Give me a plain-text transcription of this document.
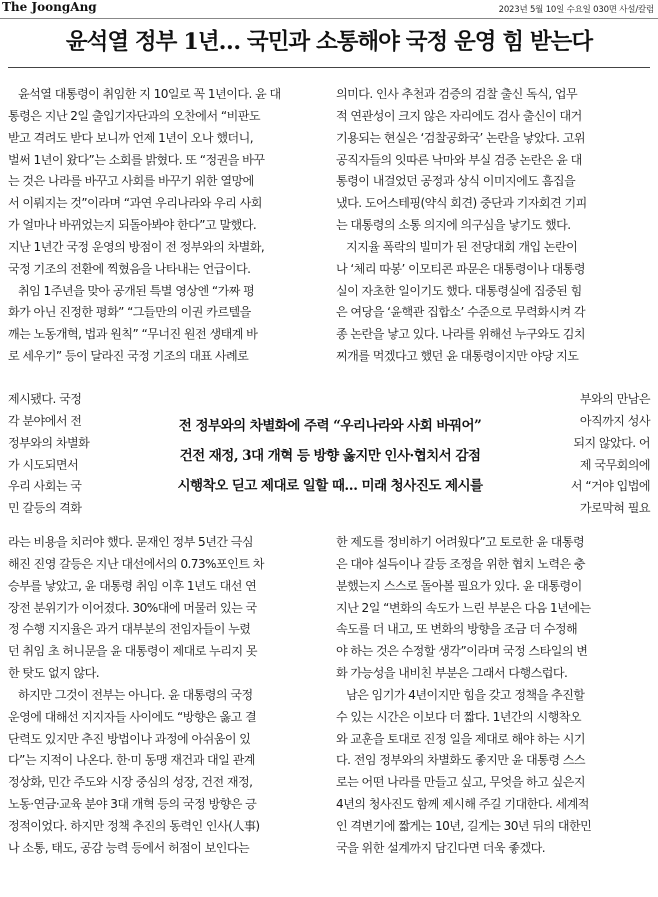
The JoongAng	2023년 5월 10일 수요일 030면 사설/칼럼
윤석열 정부 1년… 국민과 소통해야 국정 운영 힘 받는다
윤석열 대통령이 취임한 지 10일로 꼭 1년이다. 윤 대
통령은 지난 2일 출입기자단과의 오찬에서 “비판도
받고 격려도 받다 보니까 언제 1년이 오나 했더니,
벌써 1년이 왔다”는 소회를 밝혔다. 또 “정권을 바꾸
는 것은 나라를 바꾸고 사회를 바꾸기 위한 열망에
서 이뤄지는 것”이라며 “과연 우리나라와 우리 사회
가 얼마나 바뀌었는지 되돌아봐야 한다”고 말했다.
지난 1년간 국정 운영의 방점이 전 정부와의 차별화,
국정 기조의 전환에 찍혔음을 나타내는 언급이다.
취임 1주년을 맞아 공개된 특별 영상엔 “가짜 평
화가 아닌 진정한 평화” “그들만의 이권 카르텔을
깨는 노동개혁, 법과 원칙” “무너진 원전 생태계 바
로 세우기” 등이 달라진 국정 기조의 대표 사례로
제시됐다. 국정
각 분야에서 전
정부와의 차별화
가 시도되면서
우리 사회는 국
민 갈등의 격화
라는 비용을 치러야 했다. 문재인 정부 5년간 극심
해진 진영 갈등은 지난 대선에서의 0.73%포인트 차
승부를 낳았고, 윤 대통령 취임 이후 1년도 대선 연
장전 분위기가 이어졌다. 30%대에 머물러 있는 국
정 수행 지지율은 과거 대부분의 전임자들이 누렸
던 취임 초 허니문을 윤 대통령이 제대로 누리지 못
한 탓도 없지 않다.
하지만 그것이 전부는 아니다. 윤 대통령의 국정
운영에 대해선 지지자들 사이에도 “방향은 옳고 결
단력도 있지만 추진 방법이나 과정에 아쉬움이 있
다”는 지적이 나온다. 한·미 동맹 재건과 대일 관계
정상화, 민간 주도와 시장 중심의 성장, 건전 재정,
노동·연금·교육 분야 3대 개혁 등의 국정 방향은 긍
정적이었다. 하지만 정책 추진의 동력인 인사(人事)
나 소통, 태도, 공감 능력 등에서 허점이 보인다는
의미다. 인사 추천과 검증의 검찰 출신 독식, 업무
적 연관성이 크지 않은 자리에도 검사 출신이 대거
기용되는 현실은 ‘검찰공화국’ 논란을 낳았다. 고위
공직자들의 잇따른 낙마와 부실 검증 논란은 윤 대
통령이 내걸었던 공정과 상식 이미지에도 흠집을
냈다. 도어스테핑(약식 회견) 중단과 기자회견 기피
는 대통령의 소통 의지에 의구심을 낳기도 했다.
지지율 폭락의 빌미가 된 전당대회 개입 논란이
나 ‘체리 따봉’ 이모티콘 파문은 대통령이나 대통령
실이 자초한 일이기도 했다. 대통령실에 집중된 힘
은 여당을 ‘윤핵관 집합소’ 수준으로 무력화시켜 각
종 논란을 낳고 있다. 나라를 위해선 누구와도 김치
찌개를 먹겠다고 했던 윤 대통령이지만 야당 지도
부와의 만남은
아직까지 성사
되지 않았다. 어
제 국무회의에
서 “거야 입법에
가로막혀 필요
한 제도를 정비하기 어려웠다”고 토로한 윤 대통령
은 대야 설득이나 갈등 조정을 위한 협치 노력은 충
분했는지 스스로 돌아볼 필요가 있다. 윤 대통령이
지난 2일 “변화의 속도가 느린 부분은 다음 1년에는
속도를 더 내고, 또 변화의 방향을 조금 더 수정해
야 하는 것은 수정할 생각”이라며 국정 스타일의 변
화 가능성을 내비친 부분은 그래서 다행스럽다.
남은 임기가 4년이지만 힘을 갖고 정책을 추진할
수 있는 시간은 이보다 더 짧다. 1년간의 시행착오
와 교훈을 토대로 진정 일을 제대로 해야 하는 시기
다. 전임 정부와의 차별화도 좋지만 윤 대통령 스스
로는 어떤 나라를 만들고 싶고, 무엇을 하고 싶은지
4년의 청사진도 함께 제시해 주길 기대한다. 세계적
인 격변기에 짧게는 10년, 길게는 30년 뒤의 대한민
국을 위한 설계까지 담긴다면 더욱 좋겠다.
전 정부와의 차별화에 주력 “우리나라와 사회 바꿔어”
건전 재정, 3대 개혁 등 방향 옳지만 인사·협치서 감점
시행착오 딛고 제대로 일할 때… 미래 청사진도 제시를
